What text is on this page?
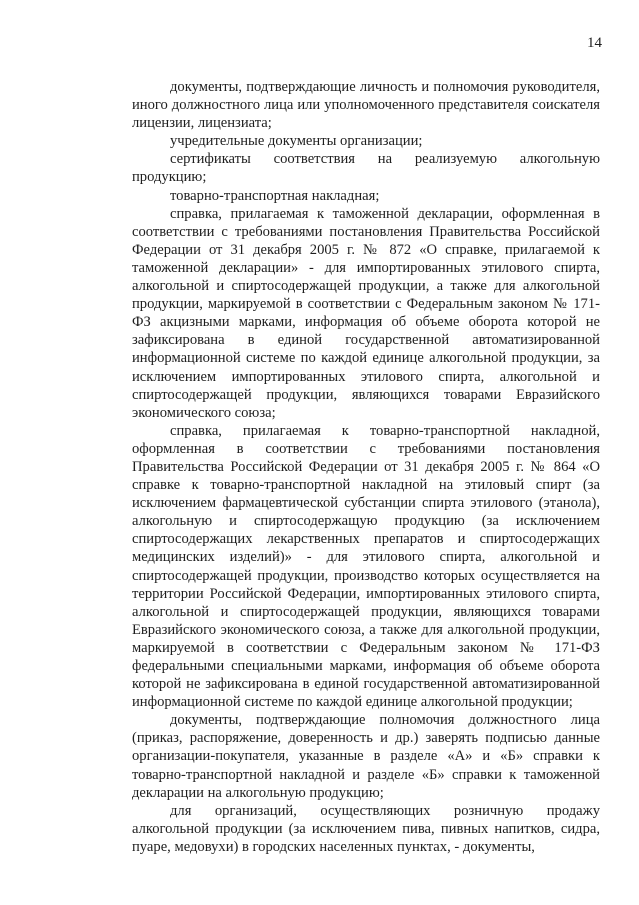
14

документы, подтверждающие личность и полномочия руководителя, иного должностного лица или уполномоченного представителя соискателя лицензии, лицензиата;

учредительные документы организации;

сертификаты соответствия на реализуемую алкогольную продукцию;

товарно-транспортная накладная;

справка, прилагаемая к таможенной декларации, оформленная в соответствии с требованиями постановления Правительства Российской Федерации от 31 декабря 2005 г. № 872 «О справке, прилагаемой к таможенной декларации» - для импортированных этилового спирта, алкогольной и спиртосодержащей продукции, а также для алкогольной продукции, маркируемой в соответствии с Федеральным законом № 171-ФЗ акцизными марками, информация об объеме оборота которой не зафиксирована в единой государственной автоматизированной информационной системе по каждой единице алкогольной продукции, за исключением импортированных этилового спирта, алкогольной и спиртосодержащей продукции, являющихся товарами Евразийского экономического союза;

справка, прилагаемая к товарно-транспортной накладной, оформленная в соответствии с требованиями постановления Правительства Российской Федерации от 31 декабря 2005 г. № 864 «О справке к товарно-транспортной накладной на этиловый спирт (за исключением фармацевтической субстанции спирта этилового (этанола), алкогольную и спиртосодержащую продукцию (за исключением спиртосодержащих лекарственных препаратов и спиртосодержащих медицинских изделий)» - для этилового спирта, алкогольной и спиртосодержащей продукции, производство которых осуществляется на территории Российской Федерации, импортированных этилового спирта, алкогольной и спиртосодержащей продукции, являющихся товарами Евразийского экономического союза, а также для алкогольной продукции, маркируемой в соответствии с Федеральным законом № 171-ФЗ федеральными специальными марками, информация об объеме оборота которой не зафиксирована в единой государственной автоматизированной информационной системе по каждой единице алкогольной продукции;

документы, подтверждающие полномочия должностного лица (приказ, распоряжение, доверенность и др.) заверять подписью данные организации-покупателя, указанные в разделе «А» и «Б» справки к товарно-транспортной накладной и разделе «Б» справки к таможенной декларации на алкогольную продукцию;

для организаций, осуществляющих розничную продажу алкогольной продукции (за исключением пива, пивных напитков, сидра, пуаре, медовухи) в городских населенных пунктах, - документы,
